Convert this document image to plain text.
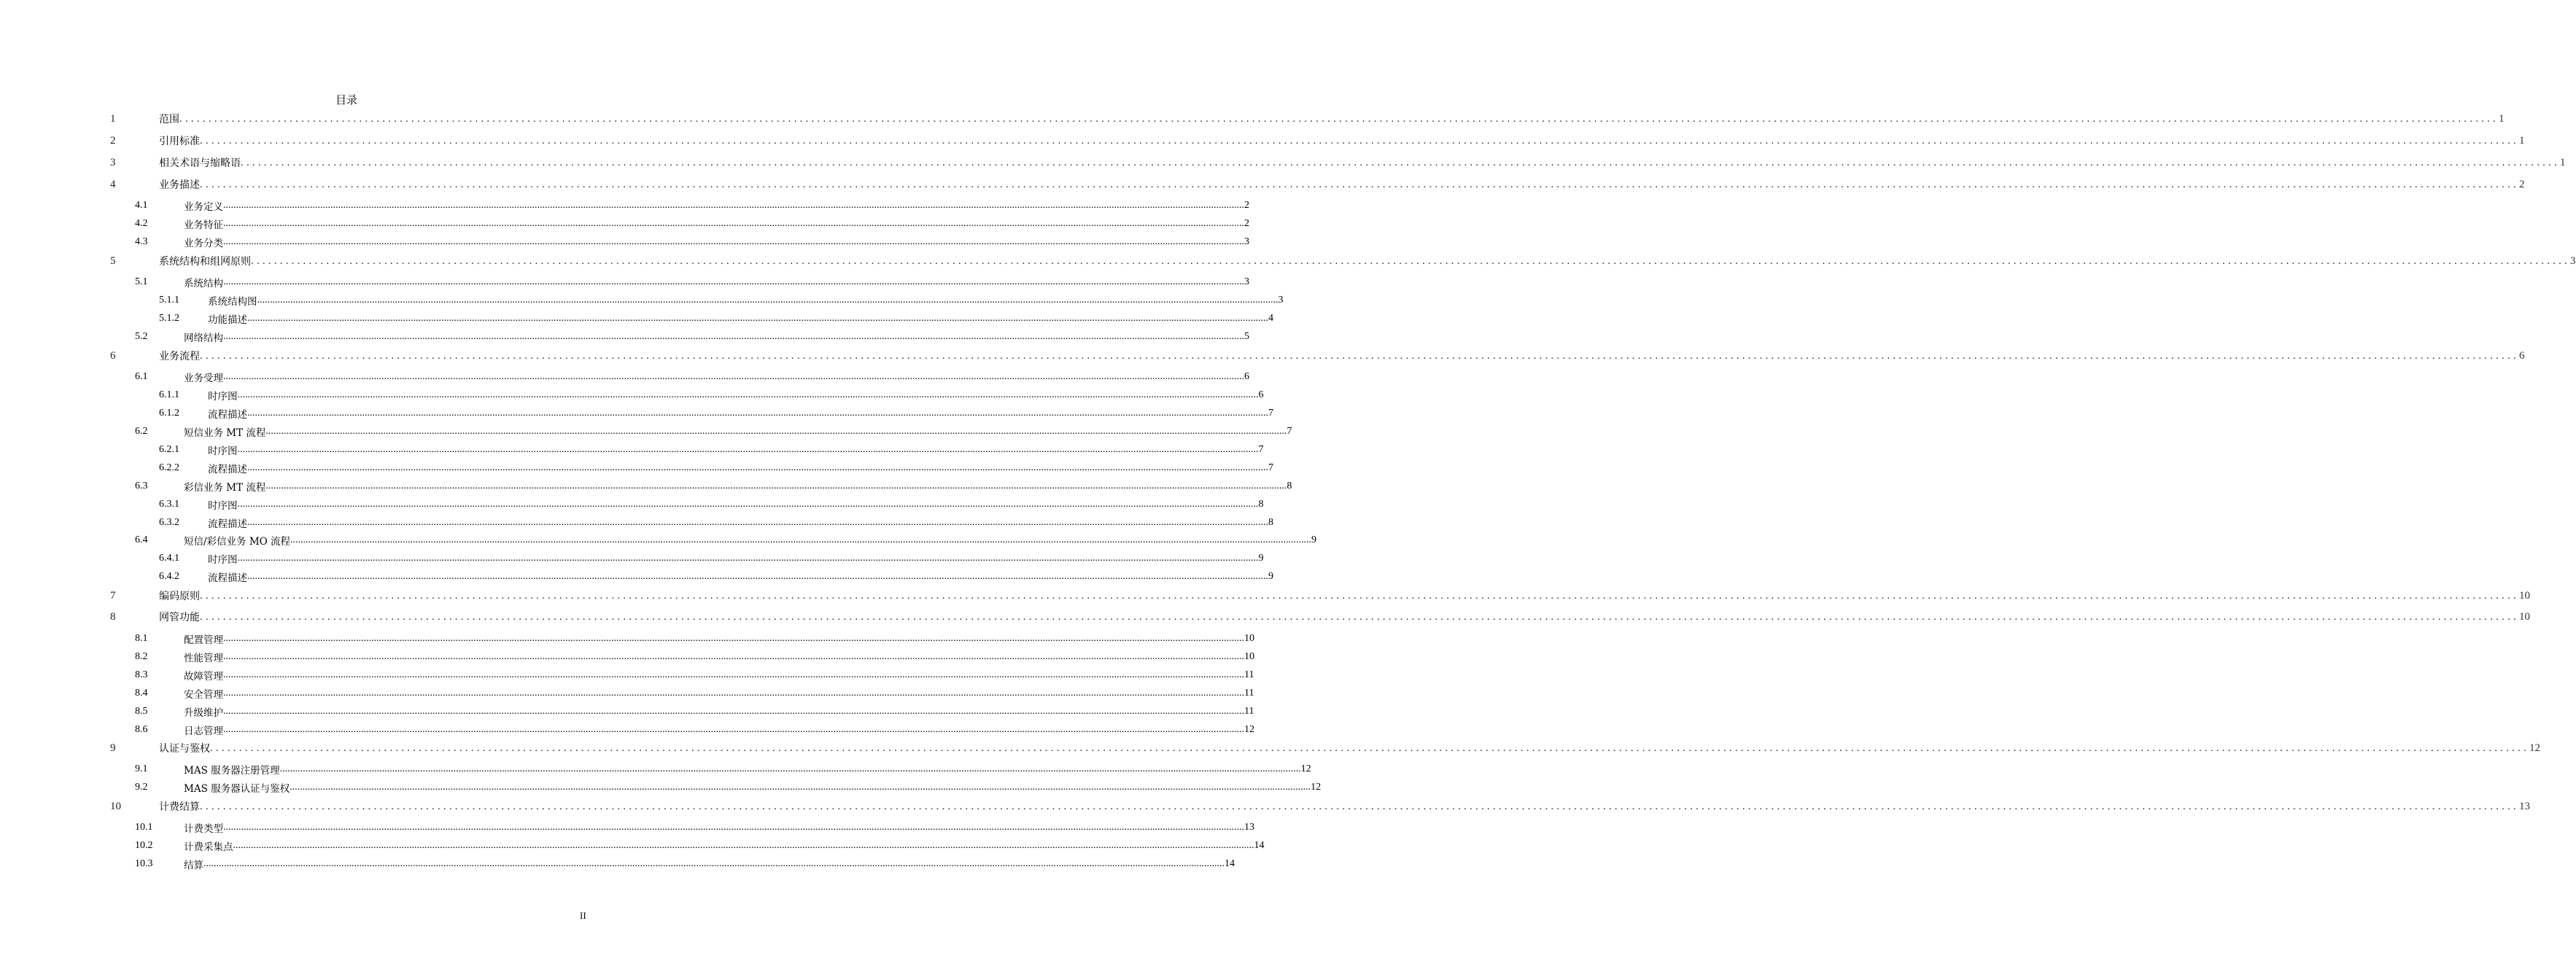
目录
1	范围 ................................................................................................................................................................................................................................................................................................................................................................................................................ 1
2	引用标准 ................................................................................................................................................................................................................................................................................................................................................................................................................ 1
3	相关术语与缩略语 ................................................................................................................................................................................................................................................................................................................................................................................................................ 1
4	业务描述 ................................................................................................................................................................................................................................................................................................................................................................................................................ 2
4.1	业务定义 ................................................................................................................................................................................................................................................................................................................................................................................................................ 2
4.2	业务特征 ................................................................................................................................................................................................................................................................................................................................................................................................................ 2
4.3	业务分类 ................................................................................................................................................................................................................................................................................................................................................................................................................ 3
5	系统结构和组网原则 ................................................................................................................................................................................................................................................................................................................................................................................................................ 3
5.1	系统结构 ................................................................................................................................................................................................................................................................................................................................................................................................................ 3
5.1.1	系统结构图 ................................................................................................................................................................................................................................................................................................................................................................................................................ 3
5.1.2	功能描述 ................................................................................................................................................................................................................................................................................................................................................................................................................ 4
5.2	网络结构 ................................................................................................................................................................................................................................................................................................................................................................................................................ 5
6	业务流程 ................................................................................................................................................................................................................................................................................................................................................................................................................ 6
6.1	业务受理 ................................................................................................................................................................................................................................................................................................................................................................................................................ 6
6.1.1	时序图 ................................................................................................................................................................................................................................................................................................................................................................................................................ 6
6.1.2	流程描述 ................................................................................................................................................................................................................................................................................................................................................................................................................ 7
6.2	短信业务 MT 流程 ................................................................................................................................................................................................................................................................................................................................................................................................................ 7
6.2.1	时序图 ................................................................................................................................................................................................................................................................................................................................................................................................................ 7
6.2.2	流程描述 ................................................................................................................................................................................................................................................................................................................................................................................................................ 7
6.3	彩信业务 MT 流程 ................................................................................................................................................................................................................................................................................................................................................................................................................ 8
6.3.1	时序图 ................................................................................................................................................................................................................................................................................................................................................................................................................ 8
6.3.2	流程描述 ................................................................................................................................................................................................................................................................................................................................................................................................................ 8
6.4	短信/彩信业务 MO 流程 ................................................................................................................................................................................................................................................................................................................................................................................................................ 9
6.4.1	时序图 ................................................................................................................................................................................................................................................................................................................................................................................................................ 9
6.4.2	流程描述 ................................................................................................................................................................................................................................................................................................................................................................................................................ 9
7	编码原则 ................................................................................................................................................................................................................................................................................................................................................................................................................ 10
8	网管功能 ................................................................................................................................................................................................................................................................................................................................................................................................................ 10
8.1	配置管理 ................................................................................................................................................................................................................................................................................................................................................................................................................ 10
8.2	性能管理 ................................................................................................................................................................................................................................................................................................................................................................................................................ 10
8.3	故障管理 ................................................................................................................................................................................................................................................................................................................................................................................................................ 11
8.4	安全管理 ................................................................................................................................................................................................................................................................................................................................................................................................................ 11
8.5	升级维护 ................................................................................................................................................................................................................................................................................................................................................................................................................ 11
8.6	日志管理 ................................................................................................................................................................................................................................................................................................................................................................................................................ 12
9	认证与鉴权 ................................................................................................................................................................................................................................................................................................................................................................................................................ 12
9.1	MAS 服务器注册管理 ................................................................................................................................................................................................................................................................................................................................................................................................................ 12
9.2	MAS 服务器认证与鉴权 ................................................................................................................................................................................................................................................................................................................................................................................................................ 12
10	计费结算 ................................................................................................................................................................................................................................................................................................................................................................................................................ 13
10.1	计费类型 ................................................................................................................................................................................................................................................................................................................................................................................................................ 13
10.2	计费采集点 ................................................................................................................................................................................................................................................................................................................................................................................................................ 14
10.3	结算 ................................................................................................................................................................................................................................................................................................................................................................................................................ 14
II
